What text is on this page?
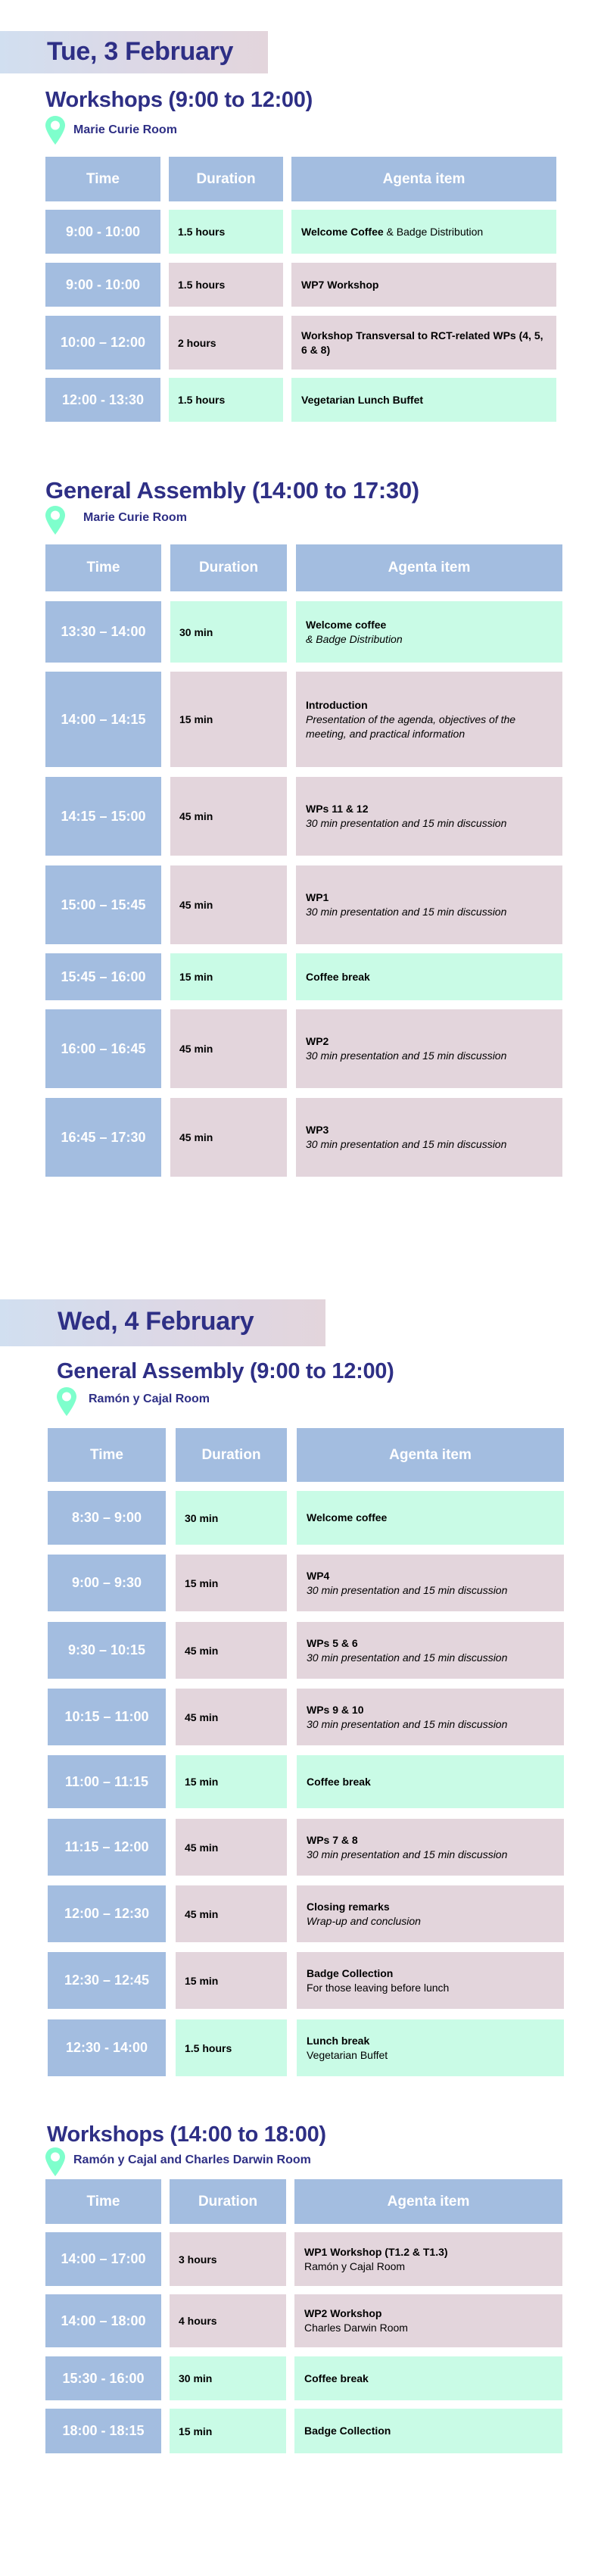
Tue, 3 February
Workshops (9:00 to 12:00)
Marie Curie Room
Time	Duration	Agenta item
9:00 - 10:00	1.5 hours	Welcome Coffee & Badge Distribution
9:00 - 10:00	1.5 hours	WP7 Workshop
10:00 – 12:00	2 hours
Workshop Transversal to RCT-related WPs (4, 5, 6 & 8)
12:00 - 13:30	1.5 hours	Vegetarian Lunch Buffet
General Assembly (14:00 to 17:30)
Marie Curie Room
Time	Duration	Agenta item
13:30 – 14:00	30 min
Welcome coffee
& Badge Distribution
14:00 – 14:15	15 min
Introduction
Presentation of the agenda, objectives of the meeting, and practical information
14:15 – 15:00	45 min
WPs 11 & 12
30 min presentation and 15 min discussion
15:00 – 15:45	45 min
WP1
30 min presentation and 15 min discussion
15:45 – 16:00	15 min	Coffee break
16:00 – 16:45	45 min
WP2
30 min presentation and 15 min discussion
16:45 – 17:30	45 min
WP3
30 min presentation and 15 min discussion
Wed, 4 February
General Assembly (9:00 to 12:00)
Ramón y Cajal Room
Time	Duration	Agenta item
8:30 – 9:00	30 min	Welcome coffee
9:00 – 9:30	15 min
WP4
30 min presentation and 15 min discussion
9:30 – 10:15	45 min
WPs 5 & 6
30 min presentation and 15 min discussion
10:15 – 11:00	45 min
WPs 9 & 10
30 min presentation and 15 min discussion
11:00 – 11:15	15 min	Coffee break
11:15 – 12:00	45 min
WPs 7 & 8
30 min presentation and 15 min discussion
12:00 – 12:30	45 min
Closing remarks
Wrap-up and conclusion
12:30 – 12:45	15 min
Badge Collection
For those leaving before lunch
12:30 - 14:00	1.5 hours
Lunch break
Vegetarian Buffet
Workshops (14:00 to 18:00)
Ramón y Cajal and Charles Darwin Room
Time	Duration	Agenta item
14:00 – 17:00	3 hours
WP1 Workshop (T1.2 & T1.3)
Ramón y Cajal Room
14:00 – 18:00	4 hours
WP2 Workshop
Charles Darwin Room
15:30 - 16:00	30 min	Coffee break
18:00 - 18:15	15 min	Badge Collection
